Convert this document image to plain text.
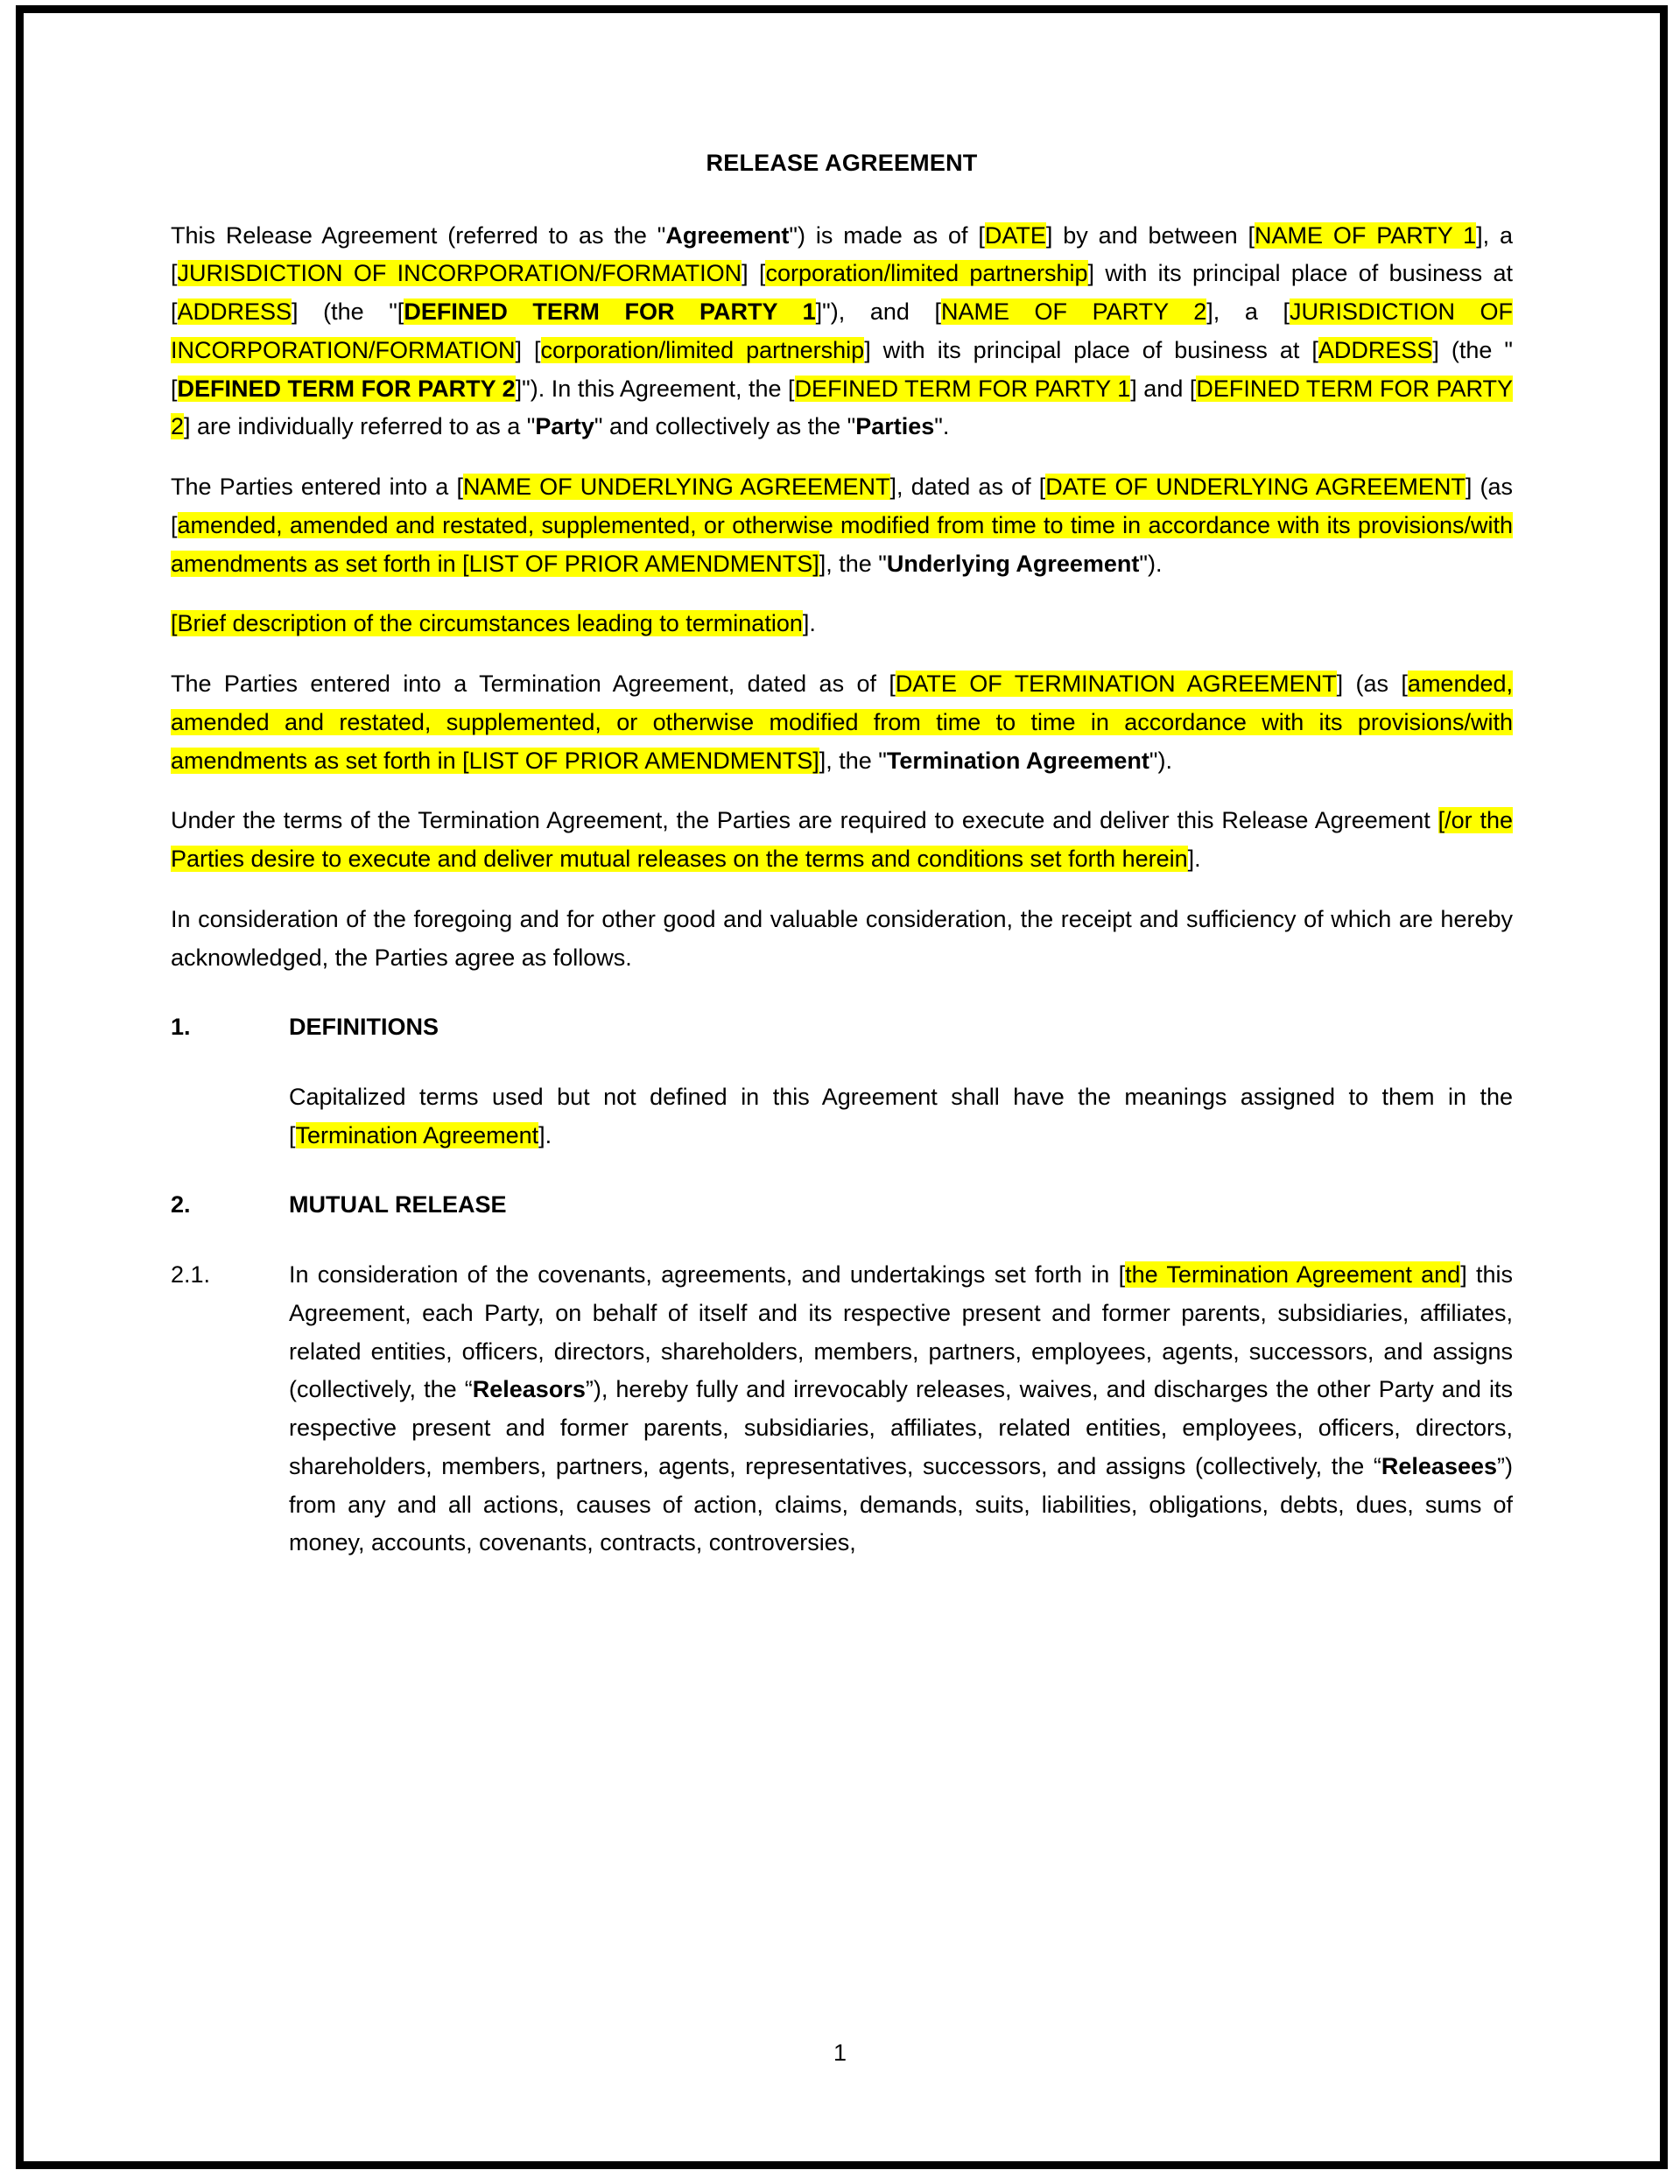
RELEASE AGREEMENT

This Release Agreement (referred to as the "Agreement") is made as of [DATE] by and between [NAME OF PARTY 1], a [JURISDICTION OF INCORPORATION/FORMATION] [corporation/limited partnership] with its principal place of business at [ADDRESS] (the "[DEFINED TERM FOR PARTY 1]"), and [NAME OF PARTY 2], a [JURISDICTION OF INCORPORATION/FORMATION] [corporation/limited partnership] with its principal place of business at [ADDRESS] (the "[DEFINED TERM FOR PARTY 2]"). In this Agreement, the [DEFINED TERM FOR PARTY 1] and [DEFINED TERM FOR PARTY 2] are individually referred to as a "Party" and collectively as the "Parties".

The Parties entered into a [NAME OF UNDERLYING AGREEMENT], dated as of [DATE OF UNDERLYING AGREEMENT] (as [amended, amended and restated, supplemented, or otherwise modified from time to time in accordance with its provisions/with amendments as set forth in [LIST OF PRIOR AMENDMENTS]], the "Underlying Agreement").

[Brief description of the circumstances leading to termination].

The Parties entered into a Termination Agreement, dated as of [DATE OF TERMINATION AGREEMENT] (as [amended, amended and restated, supplemented, or otherwise modified from time to time in accordance with its provisions/with amendments as set forth in [LIST OF PRIOR AMENDMENTS]], the "Termination Agreement").

Under the terms of the Termination Agreement, the Parties are required to execute and deliver this Release Agreement [/or the Parties desire to execute and deliver mutual releases on the terms and conditions set forth herein].

In consideration of the foregoing and for other good and valuable consideration, the receipt and sufficiency of which are hereby acknowledged, the Parties agree as follows.

1.	DEFINITIONS

Capitalized terms used but not defined in this Agreement shall have the meanings assigned to them in the [Termination Agreement].

2.	MUTUAL RELEASE
2.1.	In consideration of the covenants, agreements, and undertakings set forth in [the Termination Agreement and] this Agreement, each Party, on behalf of itself and its respective present and former parents, subsidiaries, affiliates, related entities, officers, directors, shareholders, members, partners, employees, agents, successors, and assigns (collectively, the “Releasors”), hereby fully and irrevocably releases, waives, and discharges the other Party and its respective present and former parents, subsidiaries, affiliates, related entities, employees, officers, directors, shareholders, members, partners, agents, representatives, successors, and assigns (collectively, the “Releasees”) from any and all actions, causes of action, claims, demands, suits, liabilities, obligations, debts, dues, sums of money, accounts, covenants, contracts, controversies,
1
